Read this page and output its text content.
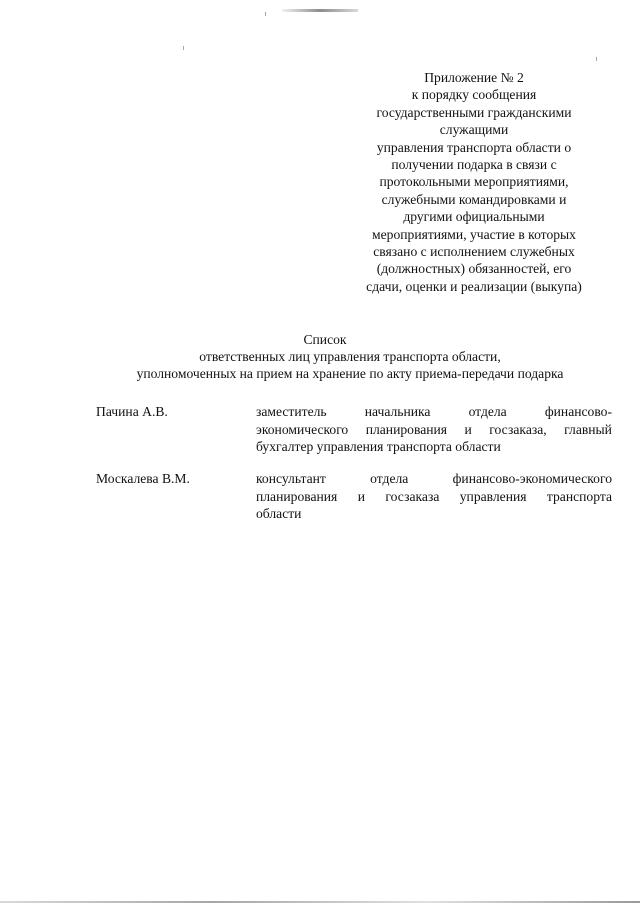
Приложение № 2
к порядку сообщения
государственными гражданскими
служащими
управления транспорта области о
получении подарка в связи с
протокольными мероприятиями,
служебными командировками и
другими официальными
мероприятиями, участие в которых
связано с исполнением служебных
(должностных) обязанностей, его
сдачи, оценки и реализации (выкупа)
Список
ответственных лиц управления транспорта области,
уполномоченных на прием на хранение по акту приема-передачи подарка
Пачина А.В.	заместитель	начальника	отдела	финансово-
экономического планирования и госзаказа, главный
бухгалтер управления транспорта области
Москалева В.М.	консультант	отдела	финансово-экономического
планирования и госзаказа управления транспорта
области
